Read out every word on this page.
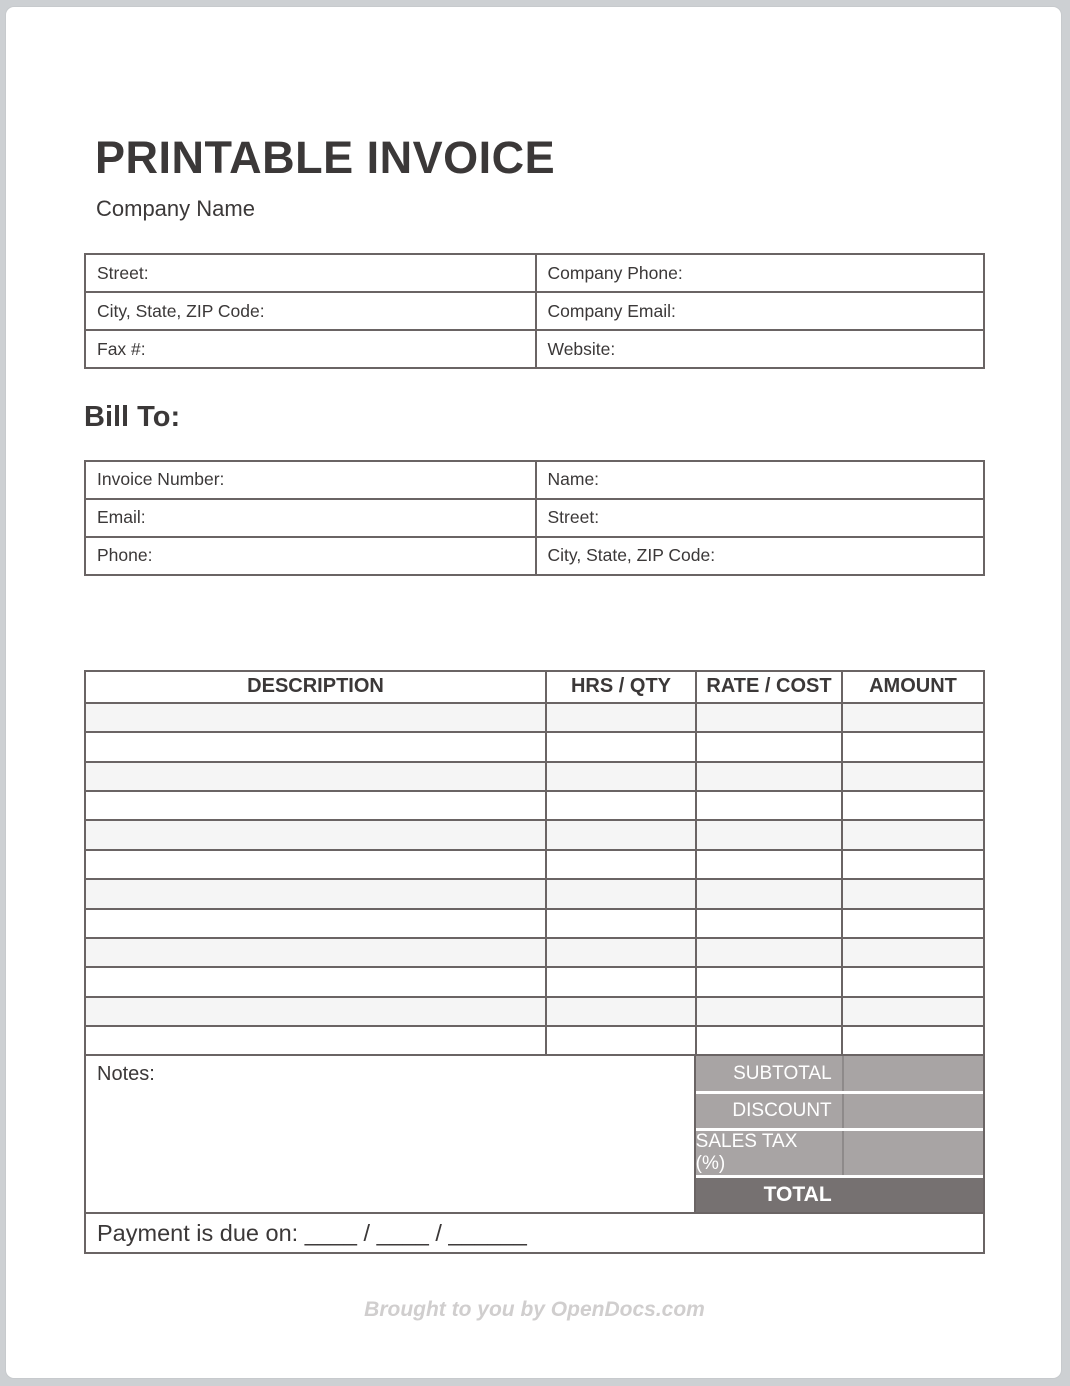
PRINTABLE INVOICE
Company Name
Street:	Company Phone:
City, State, ZIP Code:	Company Email:
Fax #:	Website:
Bill To:
Invoice Number:	Name:
Email:	Street:
Phone:	City, State, ZIP Code:
DESCRIPTION	HRS / QTY	RATE / COST	AMOUNT
Notes:	SUBTOTAL
DISCOUNT
SALES TAX (%)
TOTAL
Payment is due on: ____ / ____ / ______
Brought to you by OpenDocs.com
